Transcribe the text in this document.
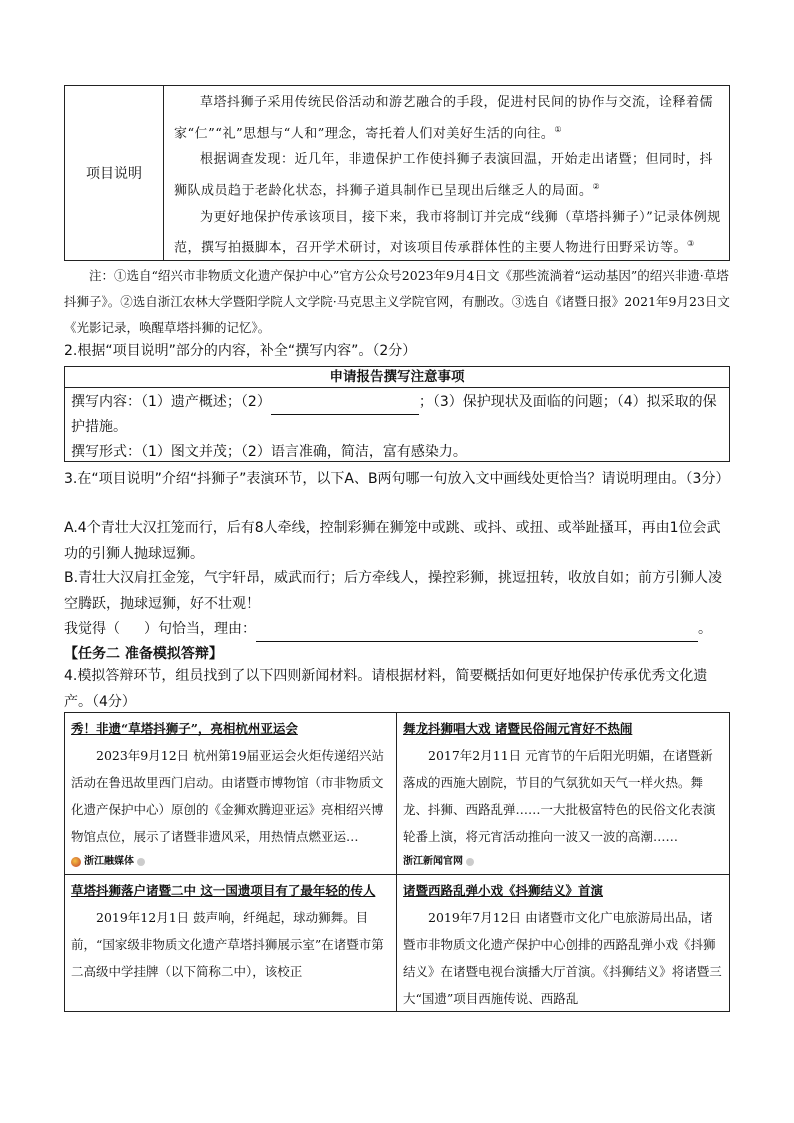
项目说明

草塔抖狮子采用传统民俗活动和游艺融合的手段，促进村民间的协作与交流，诠释着儒家“仁”“礼”思想与“人和”理念，寄托着人们对美好生活的向往。①

根据调查发现：近几年，非遗保护工作使抖狮子表演回温，开始走出诸暨；但同时，抖狮队成员趋于老龄化状态，抖狮子道具制作已呈现出后继乏人的局面。②

为更好地保护传承该项目，接下来，我市将制订并完成“线狮（草塔抖狮子）”记录体例规范，撰写拍摄脚本，召开学术研讨，对该项目传承群体性的主要人物进行田野采访等。③

注：①选自“绍兴市非物质文化遗产保护中心”官方公众号2023年9月4日文《那些流淌着“运动基因”的绍兴非遗·草塔抖狮子》。②选自浙江农林大学暨阳学院人文学院·马克思主义学院官网，有删改。③选自《诸暨日报》2021年9月23日文《光影记录，唤醒草塔抖狮的记忆》。
2.根据“项目说明”部分的内容，补全“撰写内容”。（2分）
申请报告撰写注意事项
撰写内容：（1）遗产概述；（2）	；（3）保护现状及面临的问题；（4）拟采取的保护措施。
撰写形式：（1）图文并茂；（2）语言准确，简洁，富有感染力。
3.在“项目说明”介绍“抖狮子”表演环节，以下A、B两句哪一句放入文中画线处更恰当？请说明理由。（3分）
A.4个青壮大汉扛笼而行，后有8人牵线，控制彩狮在狮笼中或跳、或抖、或扭、或举趾搔耳，再由1位会武功的引狮人抛球逗狮。
B.青壮大汉肩扛金笼，气宇轩昂，威武而行；后方牵线人，操控彩狮，挑逗扭转，收放自如；前方引狮人凌空腾跃，抛球逗狮，好不壮观！
我觉得（ ）句恰当，理由：	。
【任务二 准备模拟答辩】
4.模拟答辩环节，组员找到了以下四则新闻材料。请根据材料，简要概括如何更好地保护传承优秀文化遗产。（4分）
秀！非遗“草塔抖狮子”，亮相杭州亚运会
2023年9月12日 杭州第19届亚运会火炬传递绍兴站活动在鲁迅故里西门启动。由诸暨市博物馆（市非物质文化遗产保护中心）原创的《金狮欢腾迎亚运》亮相绍兴博物馆点位，展示了诸暨非遗风采，用热情点燃亚运…
浙江融媒体
舞龙抖狮唱大戏 诸暨民俗闹元宵好不热闹
2017年2月11日 元宵节的午后阳光明媚，在诸暨新落成的西施大剧院，节目的气氛犹如天气一样火热。舞龙、抖狮、西路乱弹……一大批极富特色的民俗文化表演轮番上演，将元宵活动推向一波又一波的高潮……
浙江新闻官网
草塔抖狮落户诸暨二中 这一国遗项目有了最年轻的传人
2019年12月1日 鼓声响，纤绳起，球动狮舞。目前，“国家级非物质文化遗产草塔抖狮展示室”在诸暨市第二高级中学挂牌（以下简称二中），该校正
诸暨西路乱弹小戏《抖狮结义》首演
2019年7月12日 由诸暨市文化广电旅游局出品，诸暨市非物质文化遗产保护中心创排的西路乱弹小戏《抖狮结义》在诸暨电视台演播大厅首演。《抖狮结义》将诸暨三大“国遗”项目西施传说、西路乱
